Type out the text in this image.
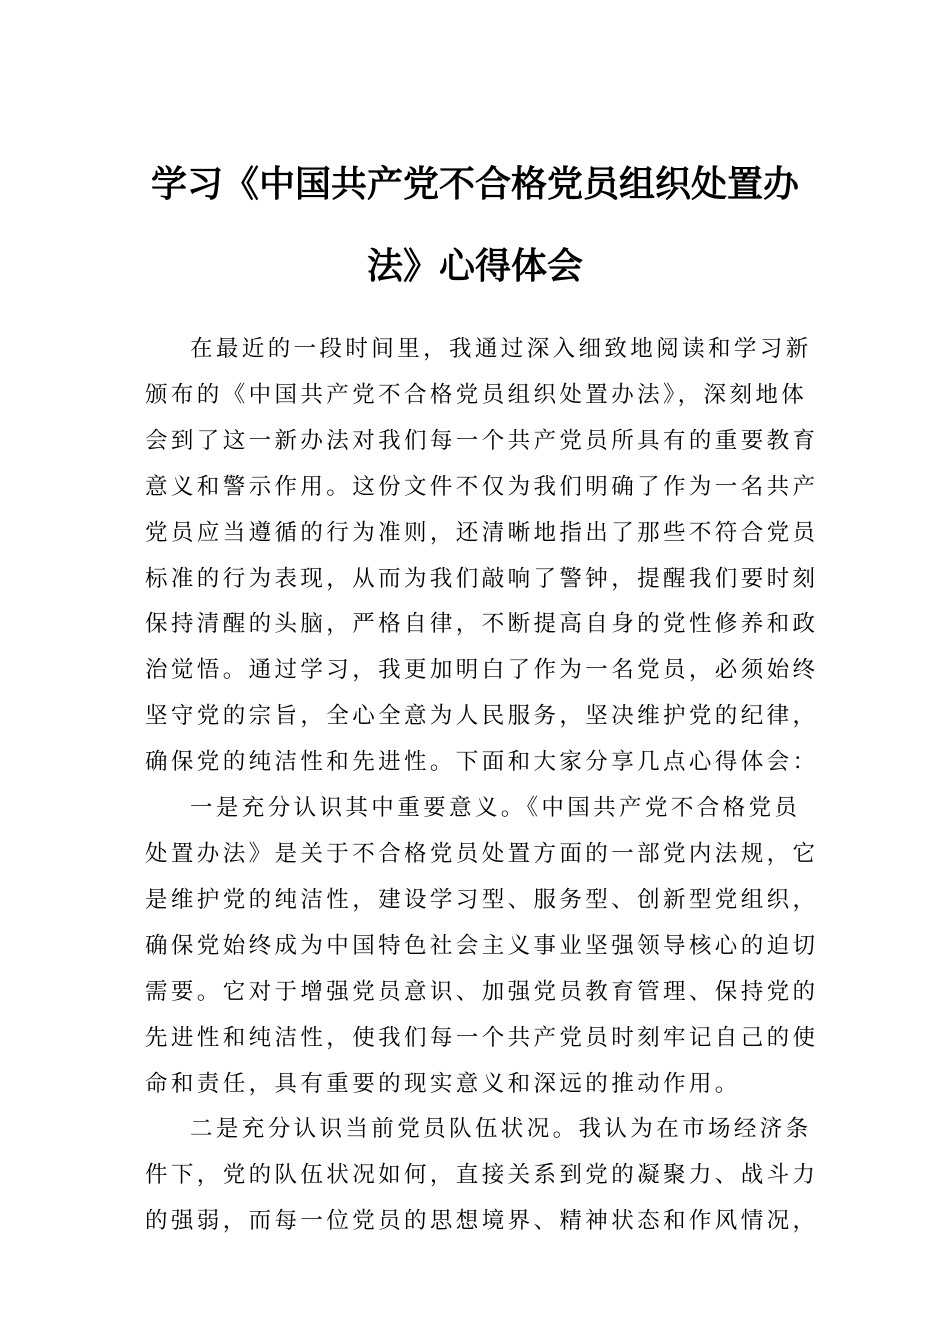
学习《中国共产党不合格党员组织处置办
法》心得体会

在最近的一段时间里，我通过深入细致地阅读和学习新
颁布的《中国共产党不合格党员组织处置办法》，深刻地体
会到了这一新办法对我们每一个共产党员所具有的重要教育
意义和警示作用。这份文件不仅为我们明确了作为一名共产
党员应当遵循的行为准则，还清晰地指出了那些不符合党员
标准的行为表现，从而为我们敲响了警钟，提醒我们要时刻
保持清醒的头脑，严格自律，不断提高自身的党性修养和政
治觉悟。通过学习，我更加明白了作为一名党员，必须始终
坚守党的宗旨，全心全意为人民服务，坚决维护党的纪律，
确保党的纯洁性和先进性。下面和大家分享几点心得体会：

一是充分认识其中重要意义。《中国共产党不合格党员
处置办法》是关于不合格党员处置方面的一部党内法规，它
是维护党的纯洁性，建设学习型、服务型、创新型党组织，
确保党始终成为中国特色社会主义事业坚强领导核心的迫切
需要。它对于增强党员意识、加强党员教育管理、保持党的
先进性和纯洁性，使我们每一个共产党员时刻牢记自己的使
命和责任，具有重要的现实意义和深远的推动作用。

二是充分认识当前党员队伍状况。我认为在市场经济条
件下，党的队伍状况如何，直接关系到党的凝聚力、战斗力
的强弱，而每一位党员的思想境界、精神状态和作风情况，
